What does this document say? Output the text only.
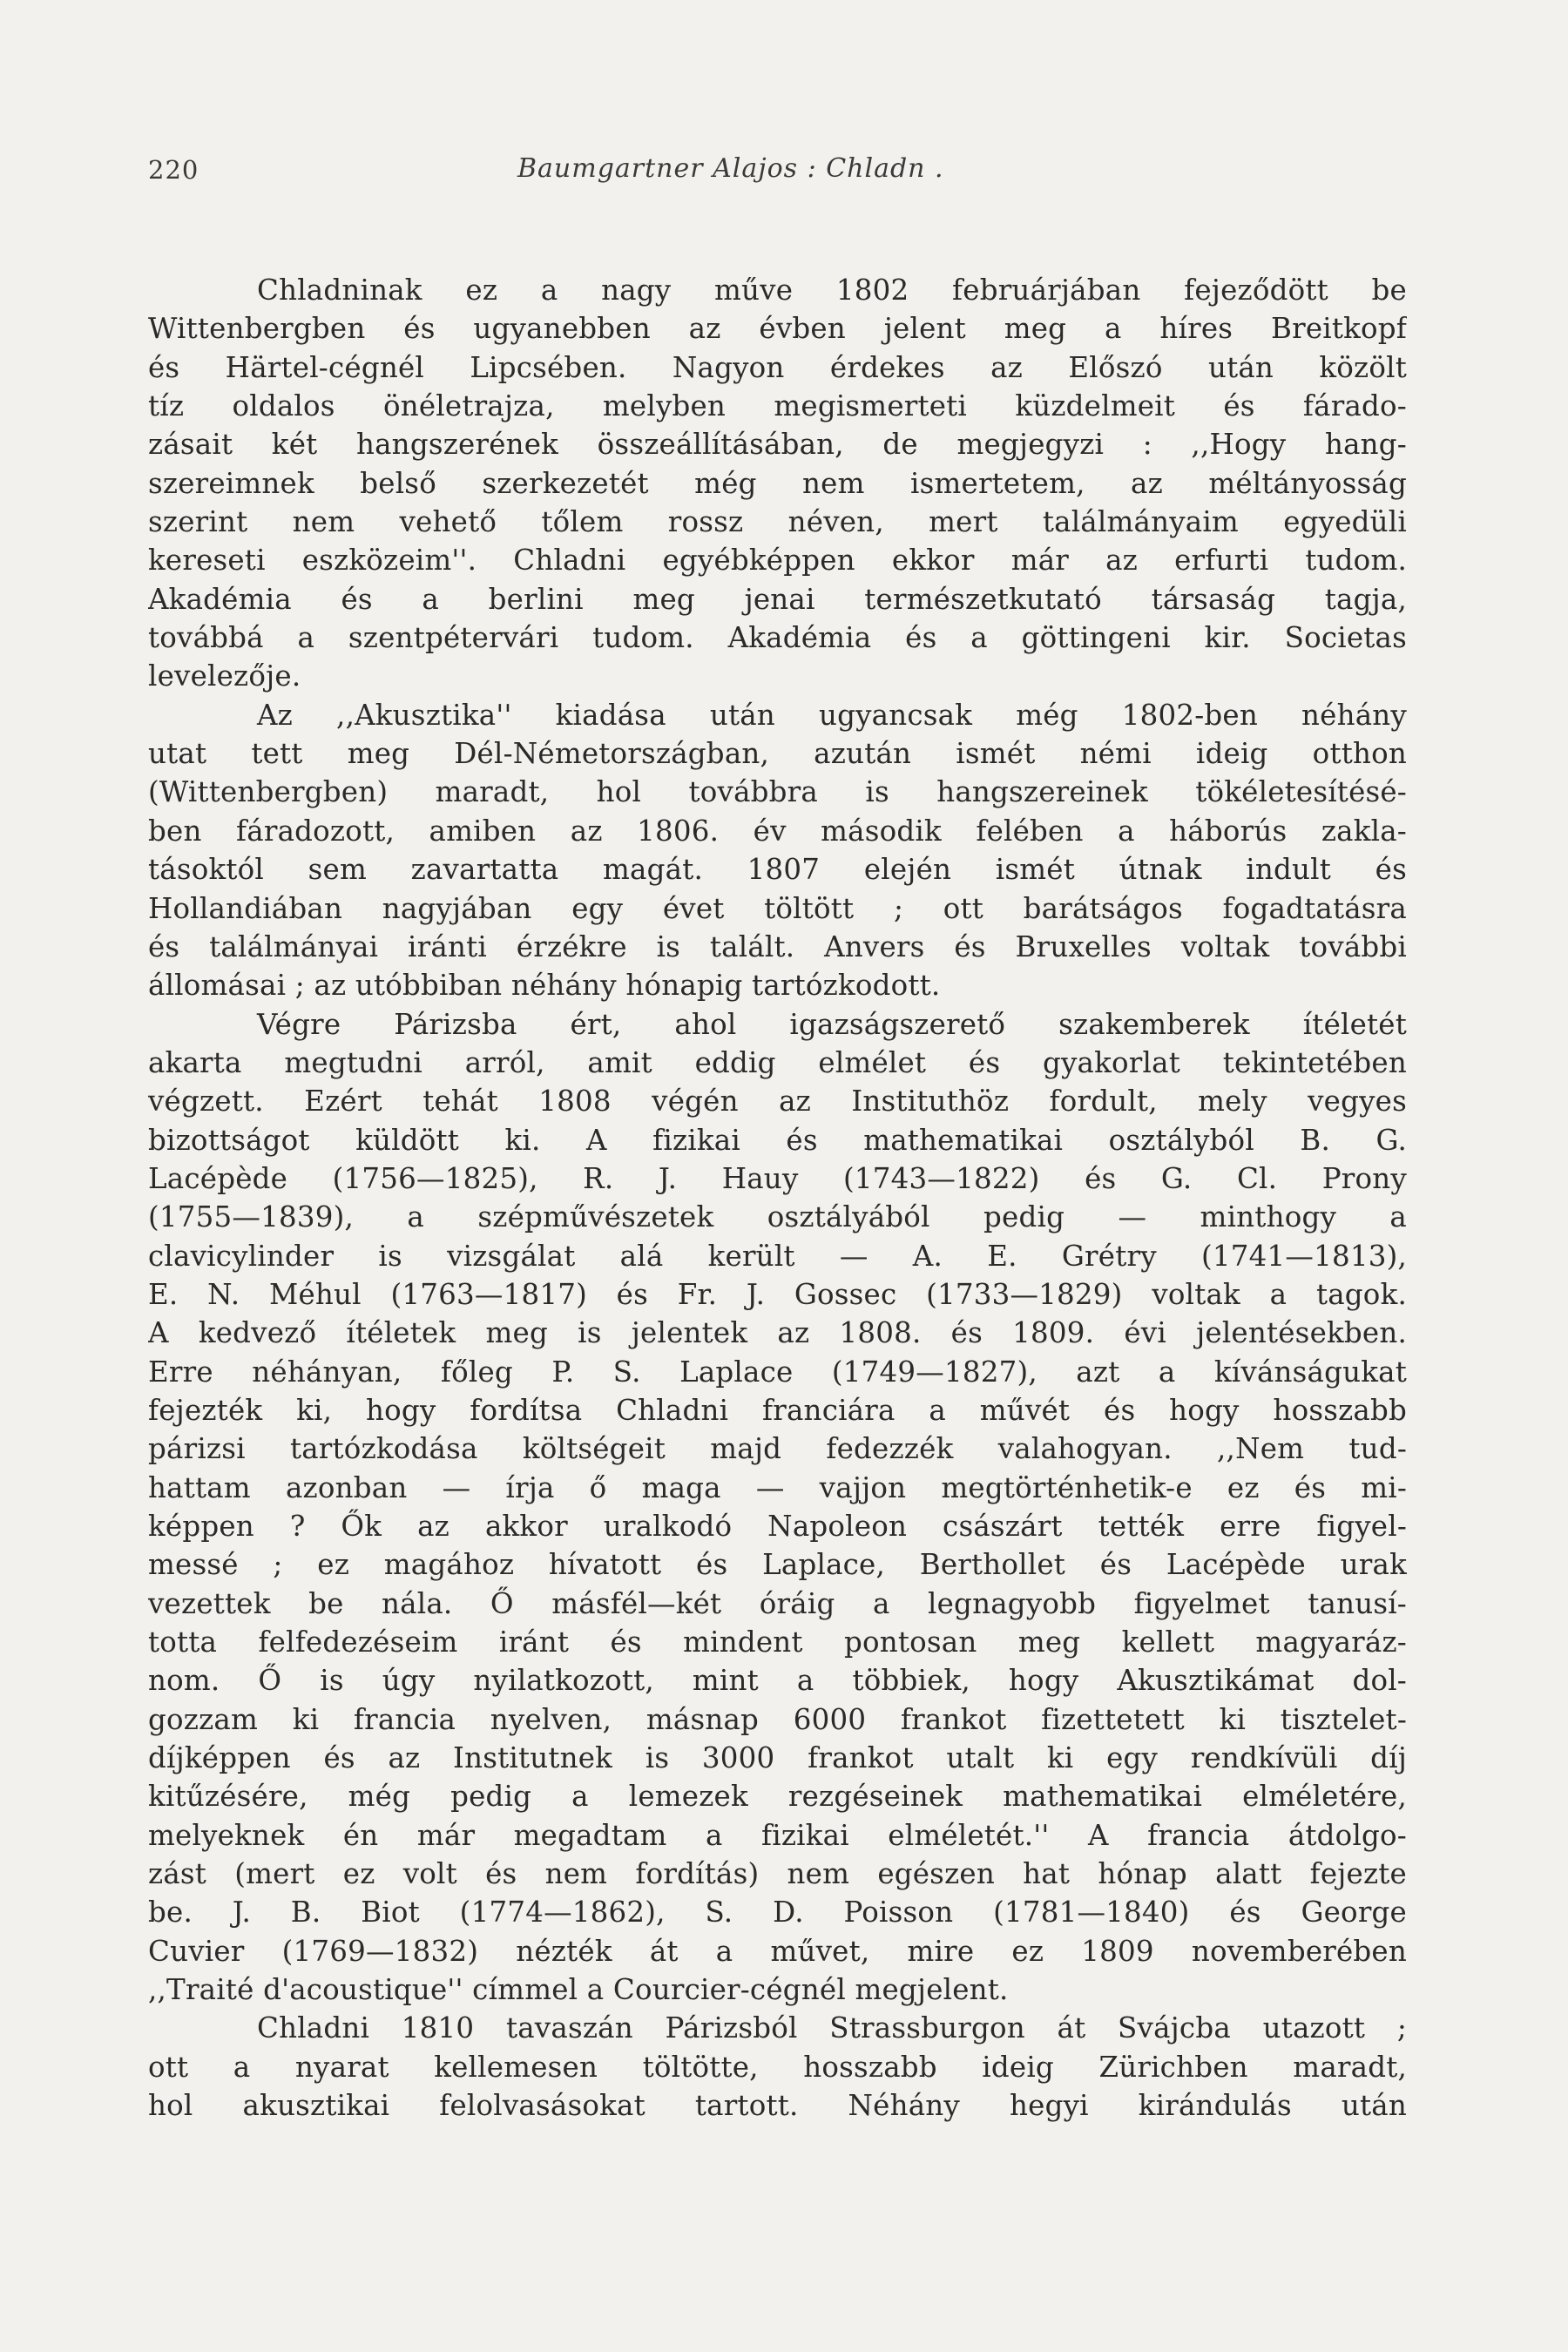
220	Baumgartner Alajos : Chladn .
Chladninak ez a nagy műve 1802 februárjában fejeződött be
Wittenbergben és ugyanebben az évben jelent meg a híres Breitkopf
és Härtel-cégnél Lipcsében. Nagyon érdekes az Előszó után közölt
tíz oldalos önéletrajza, melyben megismerteti küzdelmeit és fárado-
zásait két hangszerének összeállításában, de megjegyzi : ,,Hogy hang-
szereimnek belső szerkezetét még nem ismertetem, az méltányosság
szerint nem vehető tőlem rossz néven, mert találmányaim egyedüli
kereseti eszközeim''. Chladni egyébképpen ekkor már az erfurti tudom.
Akadémia és a berlini meg jenai természetkutató társaság tagja,
továbbá a szentpétervári tudom. Akadémia és a göttingeni kir. Societas
levelezője.
Az ,,Akusztika'' kiadása után ugyancsak még 1802-ben néhány
utat tett meg Dél-Németországban, azután ismét némi ideig otthon
(Wittenbergben) maradt, hol továbbra is hangszereinek tökéletesítésé-
ben fáradozott, amiben az 1806. év második felében a háborús zakla-
tásoktól sem zavartatta magát. 1807 elején ismét útnak indult és
Hollandiában nagyjában egy évet töltött ; ott barátságos fogadtatásra
és találmányai iránti érzékre is talált. Anvers és Bruxelles voltak további
állomásai ; az utóbbiban néhány hónapig tartózkodott.
Végre Párizsba ért, ahol igazságszerető szakemberek ítéletét
akarta megtudni arról, amit eddig elmélet és gyakorlat tekintetében
végzett. Ezért tehát 1808 végén az Instituthöz fordult, mely vegyes
bizottságot küldött ki. A fizikai és mathematikai osztályból B. G.
Lacépède (1756—1825), R. J. Hauy (1743—1822) és G. Cl. Prony
(1755—1839), a szépművészetek osztályából pedig — minthogy a
clavicylinder is vizsgálat alá került — A. E. Grétry (1741—1813),
E. N. Méhul (1763—1817) és Fr. J. Gossec (1733—1829) voltak a tagok.
A kedvező ítéletek meg is jelentek az 1808. és 1809. évi jelentésekben.
Erre néhányan, főleg P. S. Laplace (1749—1827), azt a kívánságukat
fejezték ki, hogy fordítsa Chladni franciára a művét és hogy hosszabb
párizsi tartózkodása költségeit majd fedezzék valahogyan. ,,Nem tud-
hattam azonban — írja ő maga — vajjon megtörténhetik-e ez és mi-
képpen ? Ők az akkor uralkodó Napoleon császárt tették erre figyel-
messé ; ez magához hívatott és Laplace, Berthollet és Lacépède urak
vezettek be nála. Ő másfél—két óráig a legnagyobb figyelmet tanusí-
totta felfedezéseim iránt és mindent pontosan meg kellett magyaráz-
nom. Ő is úgy nyilatkozott, mint a többiek, hogy Akusztikámat dol-
gozzam ki francia nyelven, másnap 6000 frankot fizettetett ki tisztelet-
díjképpen és az Institutnek is 3000 frankot utalt ki egy rendkívüli díj
kitűzésére, még pedig a lemezek rezgéseinek mathematikai elméletére,
melyeknek én már megadtam a fizikai elméletét.'' A francia átdolgo-
zást (mert ez volt és nem fordítás) nem egészen hat hónap alatt fejezte
be. J. B. Biot (1774—1862), S. D. Poisson (1781—1840) és George
Cuvier (1769—1832) nézték át a művet, mire ez 1809 novemberében
,,Traité d'acoustique'' címmel a Courcier-cégnél megjelent.
Chladni 1810 tavaszán Párizsból Strassburgon át Svájcba utazott ;
ott a nyarat kellemesen töltötte, hosszabb ideig Zürichben maradt,
hol akusztikai felolvasásokat tartott. Néhány hegyi kirándulás után
